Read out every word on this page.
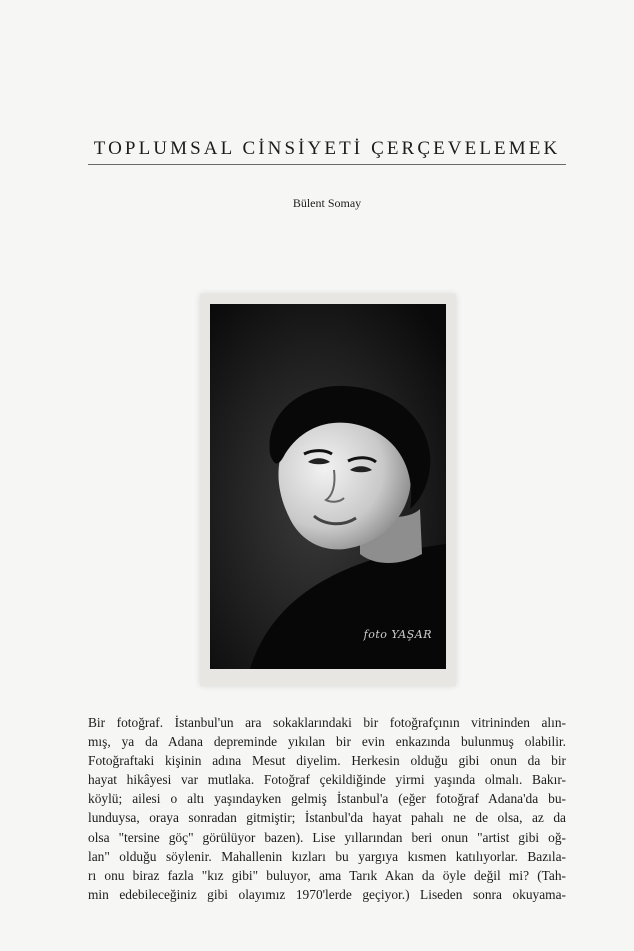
TOPLUMSAL CİNSİYETİ ÇERÇEVELEMEK
Bülent Somay
foto YAŞAR
Bir fotoğraf. İstanbul'un ara sokaklarındaki bir fotoğrafçının vitrininden alın-
mış, ya da Adana depreminde yıkılan bir evin enkazında bulunmuş olabilir.
Fotoğraftaki kişinin adına Mesut diyelim. Herkesin olduğu gibi onun da bir
hayat hikâyesi var mutlaka. Fotoğraf çekildiğinde yirmi yaşında olmalı. Bakır-
köylü; ailesi o altı yaşındayken gelmiş İstanbul'a (eğer fotoğraf Adana'da bu-
lunduysa, oraya sonradan gitmiştir; İstanbul'da hayat pahalı ne de olsa, az da
olsa "tersine göç" görülüyor bazen). Lise yıllarından beri onun "artist gibi oğ-
lan" olduğu söylenir. Mahallenin kızları bu yargıya kısmen katılıyorlar. Bazıla-
rı onu biraz fazla "kız gibi" buluyor, ama Tarık Akan da öyle değil mi? (Tah-
min edebileceğiniz gibi olayımız 1970'lerde geçiyor.) Liseden sonra okuyama-
